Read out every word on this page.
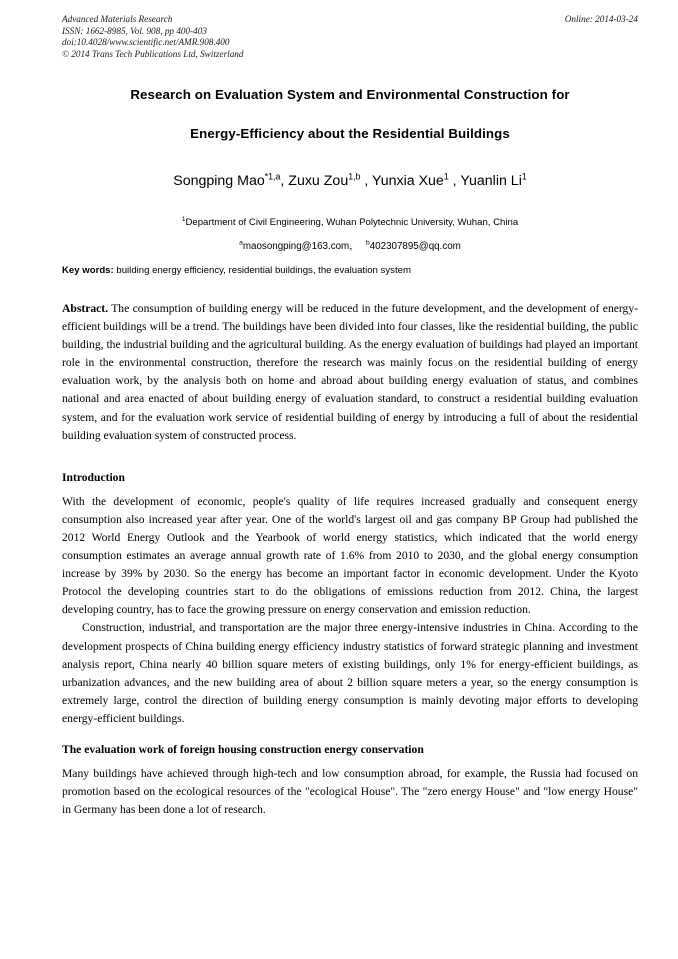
Advanced Materials Research
ISSN: 1662-8985, Vol. 908, pp 400-403
doi:10.4028/www.scientific.net/AMR.908.400
© 2014 Trans Tech Publications Ltd, Switzerland
Online: 2014-03-24
Research on Evaluation System and Environmental Construction for
Energy-Efficiency about the Residential Buildings
Songping Mao$^{*1,a}$, Zuxu Zou$^{1,b}$ , Yunxia Xue$^1$ , Yuanlin Li$^1$
$^1$Department of Civil Engineering, Wuhan Polytechnic University, Wuhan, China
$^a$maosongping@163.com， $^b$402307895@qq.com
Key words: building energy efficiency, residential buildings, the evaluation system

Abstract. The consumption of building energy will be reduced in the future development, and the development of energy-efficient buildings will be a trend. The buildings have been divided into four classes, like the residential building, the public building, the industrial building and the agricultural building. As the energy evaluation of buildings had played an important role in the environmental construction, therefore the research was mainly focus on the residential building of energy evaluation work, by the analysis both on home and abroad about building energy evaluation of status, and combines national and area enacted of about building energy of evaluation standard, to construct a residential building evaluation system, and for the evaluation work service of residential building of energy by introducing a full of about the residential building evaluation system of constructed process.

Introduction

With the development of economic, people's quality of life requires increased gradually and consequent energy consumption also increased year after year. One of the world's largest oil and gas company BP Group had published the 2012 World Energy Outlook and the Yearbook of world energy statistics, which indicated that the world energy consumption estimates an average annual growth rate of 1.6% from 2010 to 2030, and the global energy consumption increase by 39% by 2030. So the energy has become an important factor in economic development. Under the Kyoto Protocol the developing countries start to do the obligations of emissions reduction from 2012. China, the largest developing country, has to face the growing pressure on energy conservation and emission reduction.

Construction, industrial, and transportation are the major three energy-intensive industries in China. According to the development prospects of China building energy efficiency industry statistics of forward strategic planning and investment analysis report, China nearly 40 billion square meters of existing buildings, only 1% for energy-efficient buildings, as urbanization advances, and the new building area of about 2 billion square meters a year, so the energy consumption is extremely large, control the direction of building energy consumption is mainly devoting major efforts to developing energy-efficient buildings.

The evaluation work of foreign housing construction energy conservation

Many buildings have achieved through high-tech and low consumption abroad, for example, the Russia had focused on promotion based on the ecological resources of the "ecological House". The "zero energy House" and "low energy House" in Germany has been done a lot of research.
